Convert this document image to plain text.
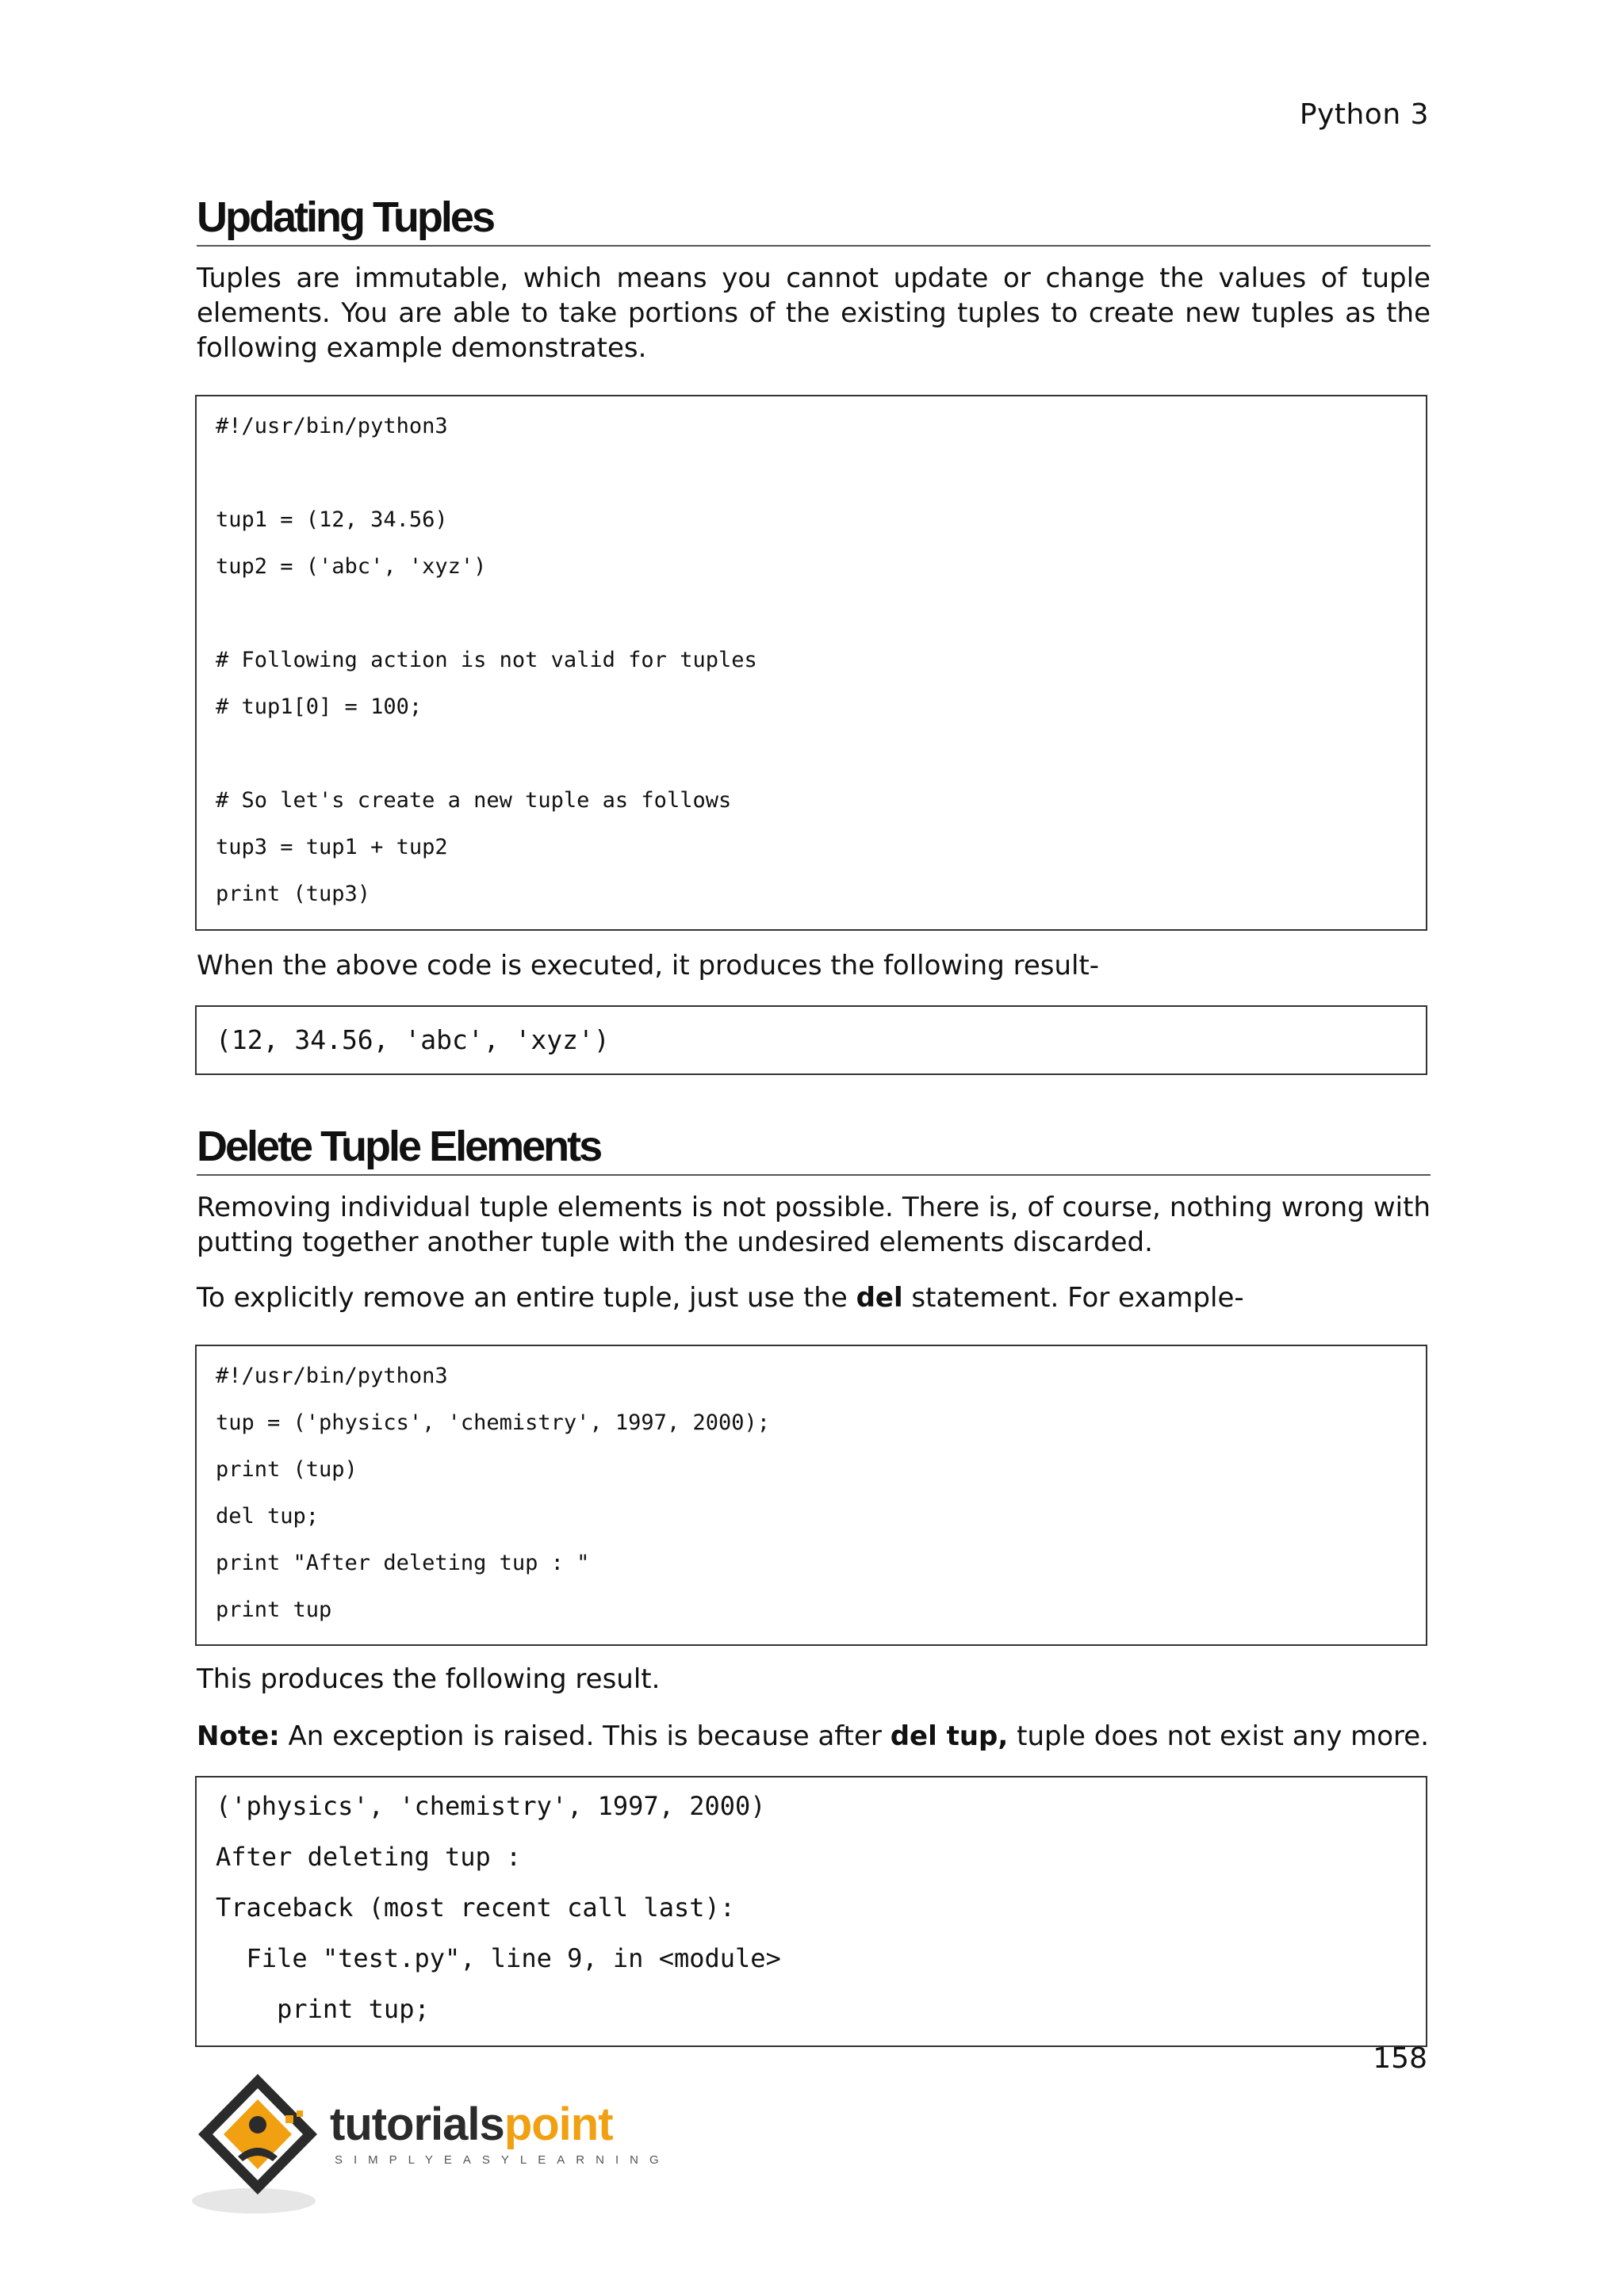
Python 3
Updating Tuples

Tuples are immutable, which means you cannot update or change the values of tuple elements. You are able to take portions of the existing tuples to create new tuples as the following example demonstrates.

#!/usr/bin/python3
tup1 = (12, 34.56)
tup2 = ('abc', 'xyz')
# Following action is not valid for tuples
# tup1[0] = 100;
# So let's create a new tuple as follows
tup3 = tup1 + tup2
print (tup3)

When the above code is executed, it produces the following result-

(12, 34.56, 'abc', 'xyz')
Delete Tuple Elements

Removing individual tuple elements is not possible. There is, of course, nothing wrong with putting together another tuple with the undesired elements discarded.

To explicitly remove an entire tuple, just use the del statement. For example-

#!/usr/bin/python3
tup = ('physics', 'chemistry', 1997, 2000);
print (tup)
del tup;
print "After deleting tup : "
print tup

This produces the following result.

Note: An exception is raised. This is because after del tup, tuple does not exist any more.

('physics', 'chemistry', 1997, 2000)
After deleting tup :
Traceback (most recent call last):
File "test.py", line 9, in <module>
print tup;
158
tutorialspoint
SIMPLYEASYLEARNING
